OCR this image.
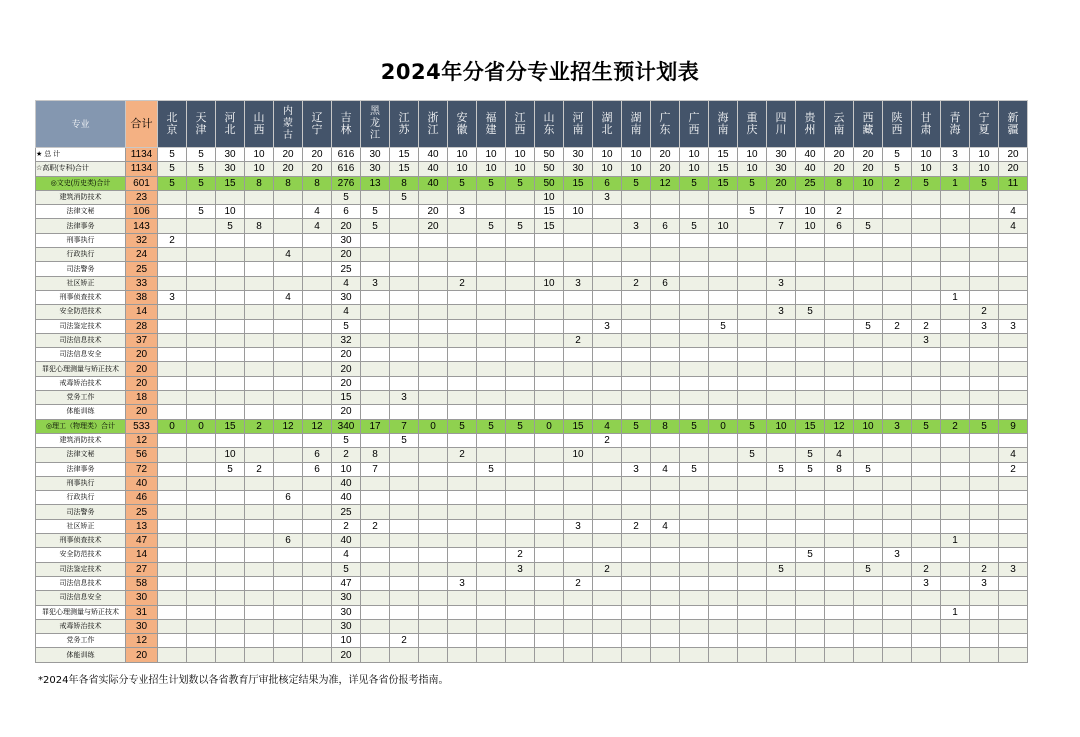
2024年分省分专业招生预计划表
专业	合计	北京	天津	河北	山西	内蒙古	辽宁	吉林	黑龙江	江苏	浙江	安徽	福建	江西	山东	河南	湖北	湖南	广东	广西	海南	重庆	四川	贵州	云南	西藏	陕西	甘肃	青海	宁夏	新疆
★ 总 计	1134	5	5	30	10	20	20	616	30	15	40	10	10	10	50	30	10	10	20	10	15	10	30	40	20	20	5	10	3	10	20
☆高职(专科)合计	1134	5	5	30	10	20	20	616	30	15	40	10	10	10	50	30	10	10	20	10	15	10	30	40	20	20	5	10	3	10	20
◎文史(历史类)合计	601	5	5	15	8	8	8	276	13	8	40	5	5	5	50	15	6	5	12	5	15	5	20	25	8	10	2	5	1	5	11
建筑消防技术	23							5		5					10		3														
法律文秘	106		5	10			4	6	5		20	3			15	10						5	7	10	2						4
法律事务	143			5	8		4	20	5		20		5	5	15			3	6	5	10		7	10	6	5					4
刑事执行	32	2						30																							
行政执行	24					4		20																							
司法警务	25							25																							
社区矫正	33							4	3			2			10	3		2	6				3								
刑事侦查技术	38	3				4		30																					1		
安全防范技术	14							4															3	5						2	
司法鉴定技术	28							5									3				5					5	2	2		3	3
司法信息技术	37							32								2												3			
司法信息安全	20							20																							
罪犯心理测量与矫正技术	20							20																							
戒毒矫治技术	20							20																							
党务工作	18							15		3																					
体能训练	20							20																							
◎理工（物理类）合计	533	0	0	15	2	12	12	340	17	7	0	5	5	5	0	15	4	5	8	5	0	5	10	15	12	10	3	5	2	5	9
建筑消防技术	12							5		5							2														
法律文秘	56			10			6	2	8			2				10						5		5	4						4
法律事务	72			5	2		6	10	7				5					3	4	5			5	5	8	5					2
刑事执行	40							40																							
行政执行	46					6		40																							
司法警务	25							25																							
社区矫正	13							2	2							3		2	4												
刑事侦查技术	47					6		40																					1		
安全防范技术	14							4						2										5			3				
司法鉴定技术	27							5						3			2						5			5		2		2	3
司法信息技术	58							47				3				2												3		3	
司法信息安全	30							30																							
罪犯心理测量与矫正技术	31							30																					1		
戒毒矫治技术	30							30																							
党务工作	12							10		2																					
体能训练	20							20																							
*2024年各省实际分专业招生计划数以各省教育厅审批核定结果为准，详见各省份报考指南。
